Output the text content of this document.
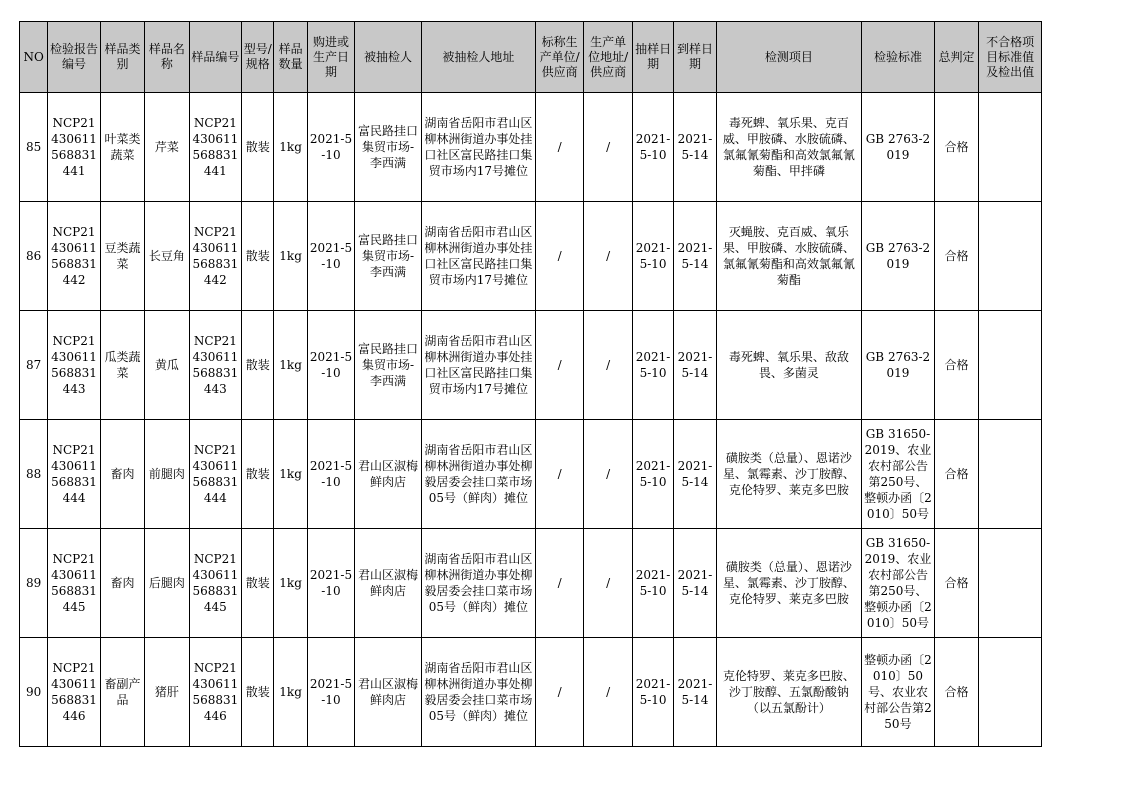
NO	检验报告编号	样品类别	样品名称	样品编号	型号/规格	样品数量	购进或生产日期	被抽检人	被抽检人地址	标称生产单位/供应商	生产单位地址/供应商	抽样日期	到样日期	检测项目	检验标准	总判定	不合格项目标准值及检出值
85	NCP21430611568831441	叶菜类蔬菜	芹菜	NCP21430611568831441	散装	1kg	2021-5-10	富民路挂口集贸市场-李西满	湖南省岳阳市君山区柳林洲街道办事处挂口社区富民路挂口集贸市场内17号摊位	/	/	2021-5-10	2021-5-14	毒死蜱、氧乐果、克百威、甲胺磷、水胺硫磷、氯氟氰菊酯和高效氯氟氰菊酯、甲拌磷	GB 2763-2019	合格	
86	NCP21430611568831442	豆类蔬菜	长豆角	NCP21430611568831442	散装	1kg	2021-5-10	富民路挂口集贸市场-李西满	湖南省岳阳市君山区柳林洲街道办事处挂口社区富民路挂口集贸市场内17号摊位	/	/	2021-5-10	2021-5-14	灭蝇胺、克百威、氧乐果、甲胺磷、水胺硫磷、氯氟氰菊酯和高效氯氟氰菊酯	GB 2763-2019	合格	
87	NCP21430611568831443	瓜类蔬菜	黄瓜	NCP21430611568831443	散装	1kg	2021-5-10	富民路挂口集贸市场-李西满	湖南省岳阳市君山区柳林洲街道办事处挂口社区富民路挂口集贸市场内17号摊位	/	/	2021-5-10	2021-5-14	毒死蜱、氧乐果、敌敌畏、多菌灵	GB 2763-2019	合格	
88	NCP21430611568831444	畜肉	前腿肉	NCP21430611568831444	散装	1kg	2021-5-10	君山区淑梅鲜肉店	湖南省岳阳市君山区柳林洲街道办事处柳毅居委会挂口菜市场05号（鲜肉）摊位	/	/	2021-5-10	2021-5-14	磺胺类（总量）、恩诺沙星、氯霉素、沙丁胺醇、克伦特罗、莱克多巴胺	GB 31650-2019、农业农村部公告第250号、整顿办函〔2010〕50号	合格	
89	NCP21430611568831445	畜肉	后腿肉	NCP21430611568831445	散装	1kg	2021-5-10	君山区淑梅鲜肉店	湖南省岳阳市君山区柳林洲街道办事处柳毅居委会挂口菜市场05号（鲜肉）摊位	/	/	2021-5-10	2021-5-14	磺胺类（总量）、恩诺沙星、氯霉素、沙丁胺醇、克伦特罗、莱克多巴胺	GB 31650-2019、农业农村部公告第250号、整顿办函〔2010〕50号	合格	
90	NCP21430611568831446	畜副产品	猪肝	NCP21430611568831446	散装	1kg	2021-5-10	君山区淑梅鲜肉店	湖南省岳阳市君山区柳林洲街道办事处柳毅居委会挂口菜市场05号（鲜肉）摊位	/	/	2021-5-10	2021-5-14	克伦特罗、莱克多巴胺、沙丁胺醇、五氯酚酸钠（以五氯酚计）	整顿办函〔2010〕50号、农业农村部公告第250号	合格	
